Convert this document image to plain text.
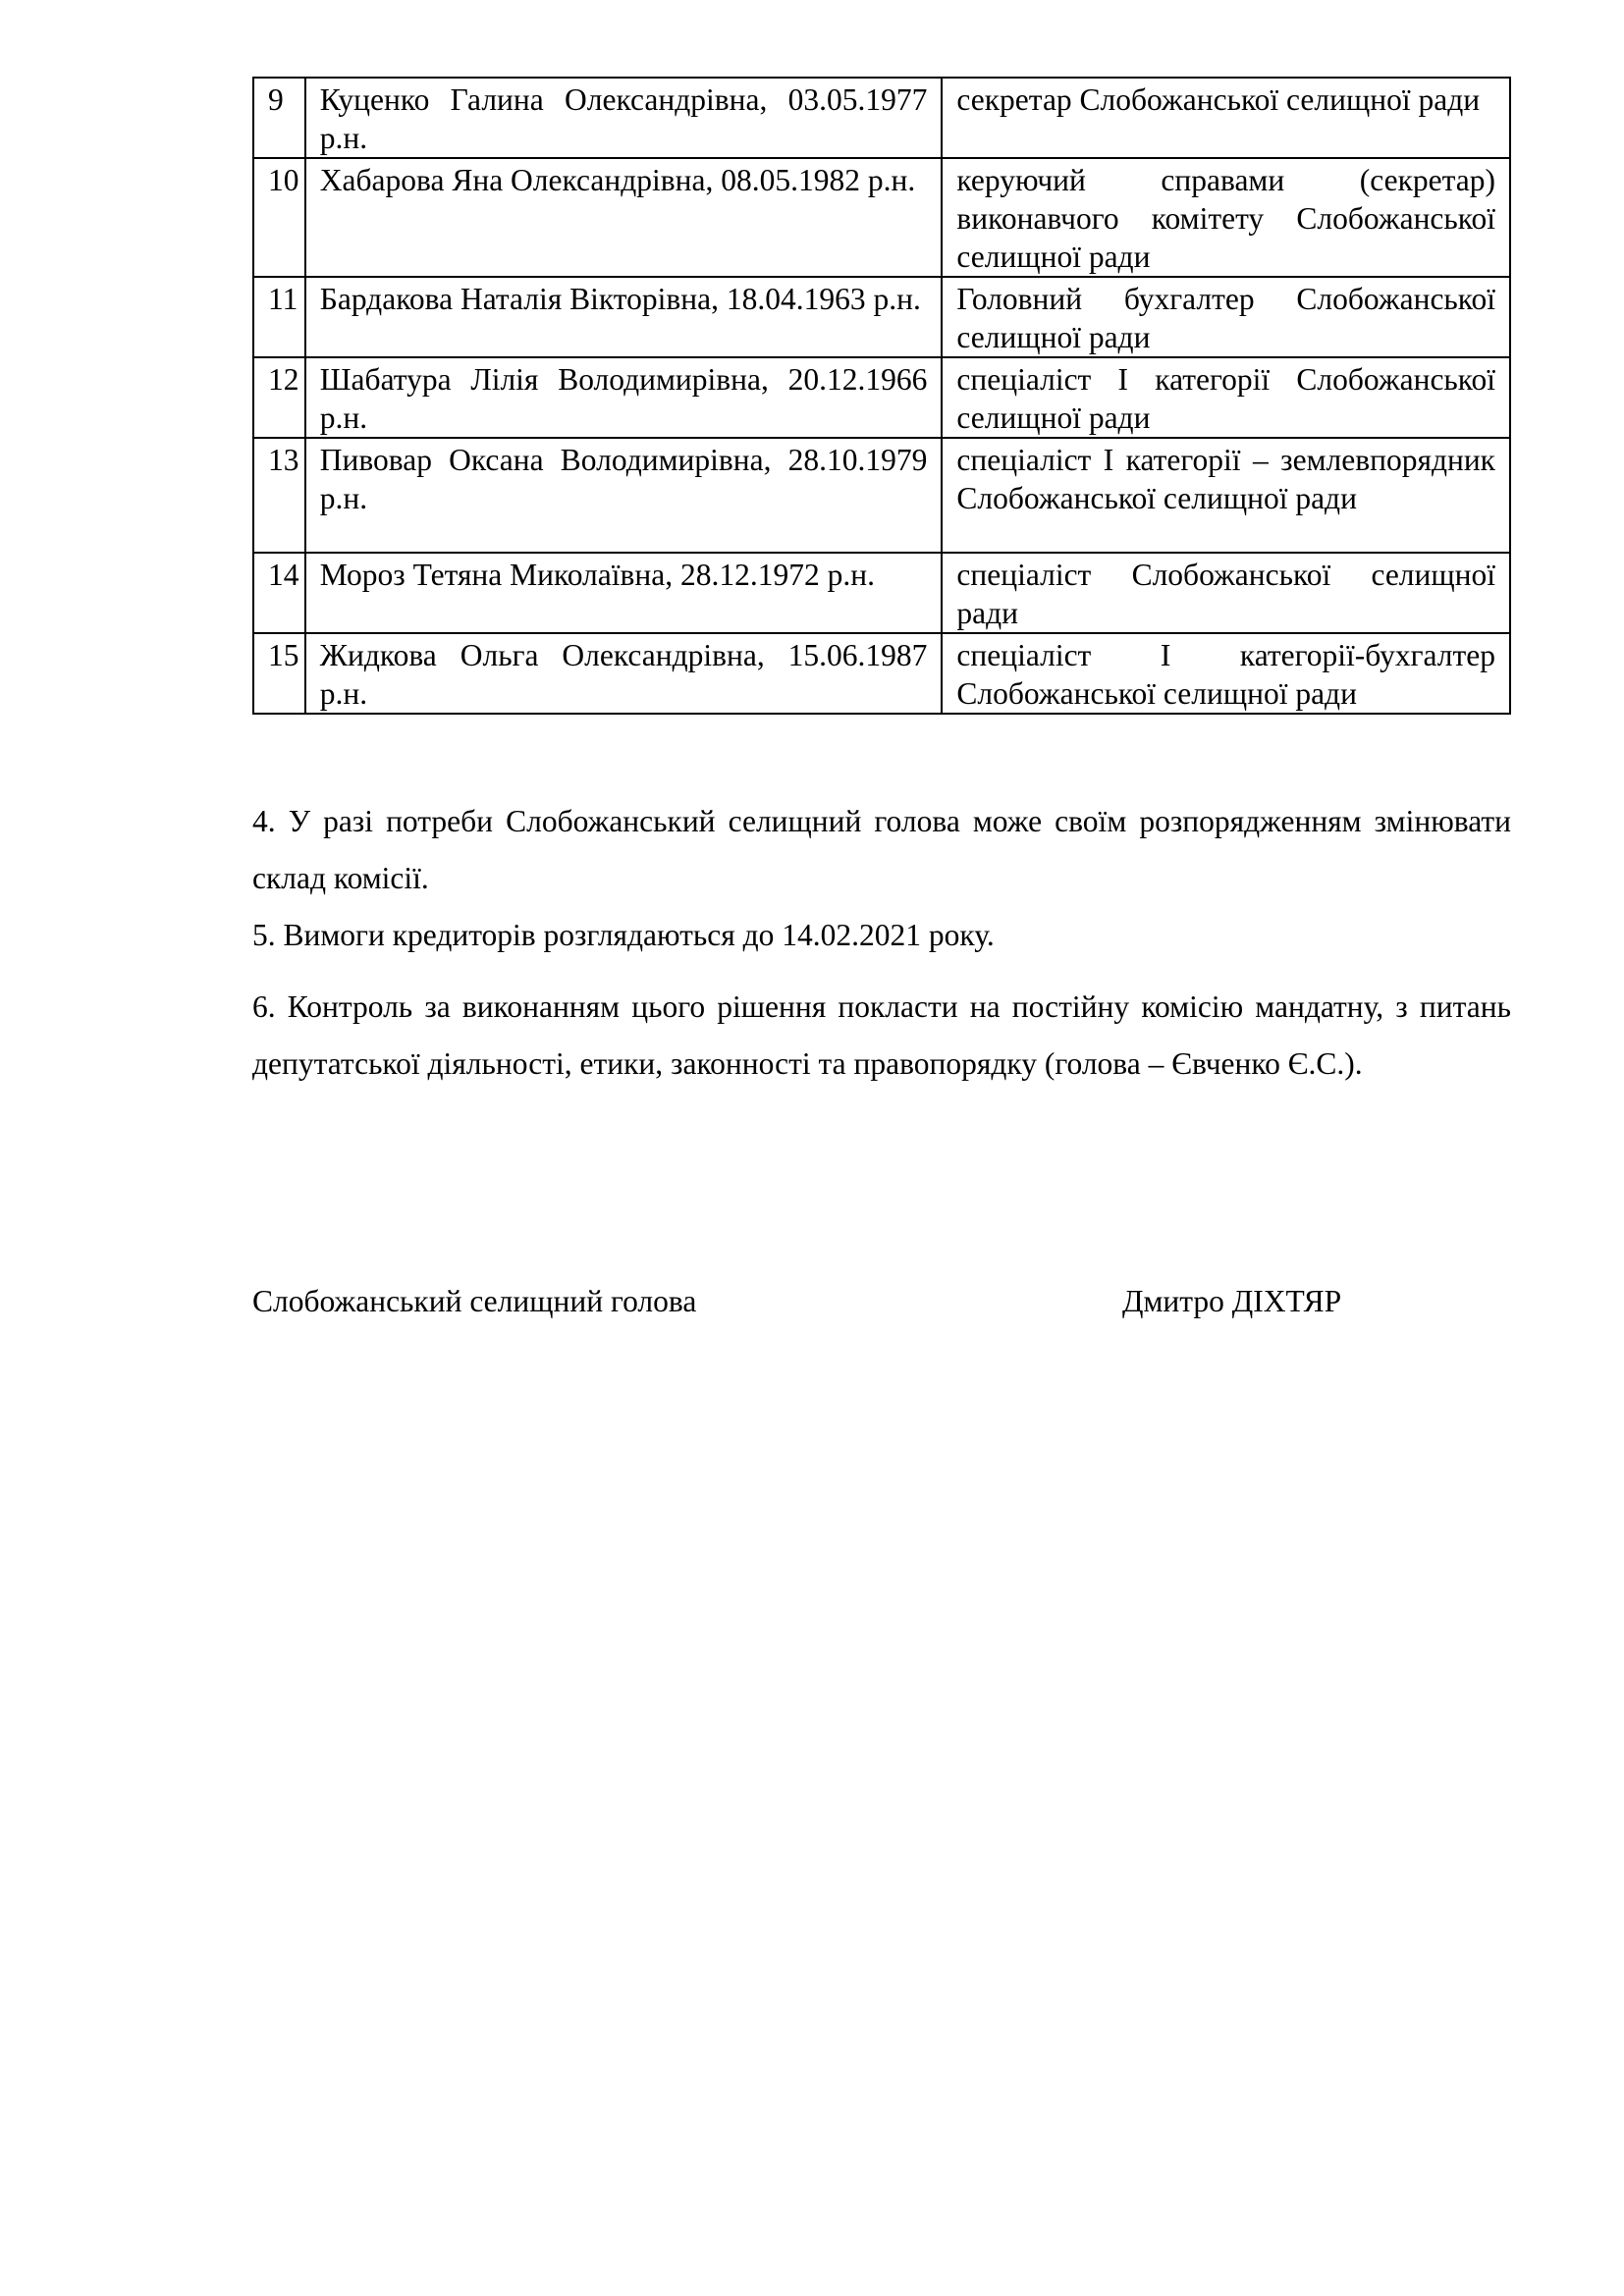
9	Куценко Галина Олександрівна, 03.05.1977 р.н.	секретар Слобожанської селищної ради
10	Хабарова Яна Олександрівна, 08.05.1982 р.н.	керуючий справами (секретар) виконавчого комітету Слобожанської селищної ради
11	Бардакова Наталія Вікторівна, 18.04.1963 р.н.	Головний бухгалтер Слобожанської селищної ради
12	Шабатура Лілія Володимирівна, 20.12.1966 р.н.	спеціаліст І категорії Слобожанської селищної ради
13	Пивовар Оксана Володимирівна, 28.10.1979 р.н.	спеціаліст І категорії – землевпорядник Слобожанської селищної ради
14	Мороз Тетяна Миколаївна, 28.12.1972 р.н.	спеціаліст Слобожанської селищної ради
15	Жидкова Ольга Олександрівна, 15.06.1987 р.н.	спеціаліст І категорії-бухгалтер Слобожанської селищної ради

4. У разі потреби Слобожанський селищний голова може своїм розпорядженням змінювати склад комісії.

5. Вимоги кредиторів розглядаються до 14.02.2021 року.

6. Контроль за виконанням цього рішення покласти на постійну комісію мандатну, з питань депутатської діяльності, етики, законності та правопорядку (голова – Євченко Є.С.).

Слобожанський селищний голова	Дмитро ДІХТЯР
